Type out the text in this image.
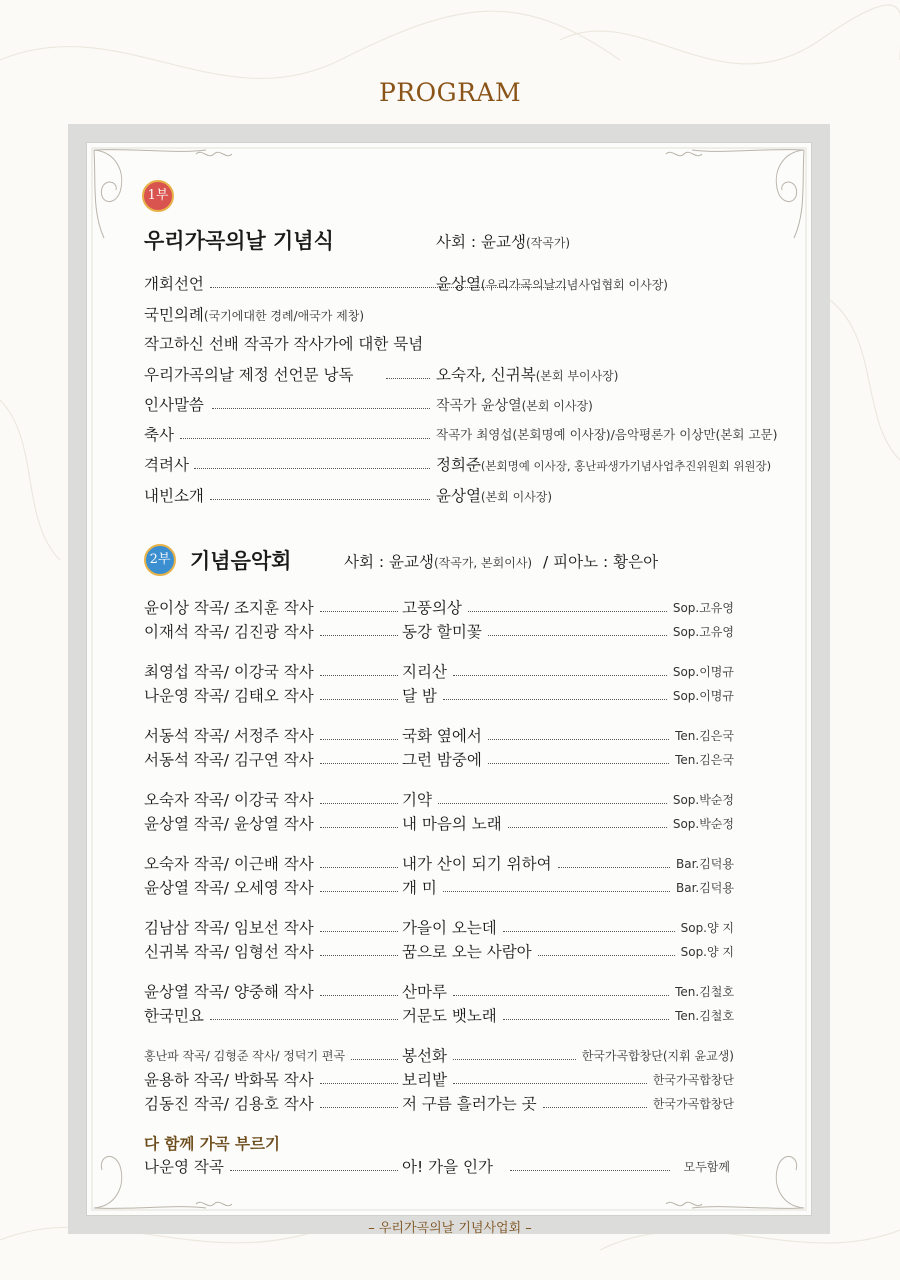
PROGRAM
1부
우리가곡의날 기념식	사회 : 윤교생(작곡가)
개회선언	윤상열(우리가곡의날기념사업협회 이사장)
국민의례(국기에대한 경례/애국가 제창)
작고하신 선배 작곡가 작사가에 대한 묵념
우리가곡의날 제정 선언문 낭독	오숙자, 신귀복(본회 부이사장)
인사말씀	작곡가 윤상열(본회 이사장)
축사	작곡가 최영섭(본회명예 이사장)/음악평론가 이상만(본회 고문)
격려사	정희준(본회명예 이사장, 홍난파생가기념사업추진위원회 위원장)
내빈소개	윤상열(본회 이사장)
2부 기념음악회	사회 : 윤교생(작곡가, 본회이사) / 피아노 : 황은아
윤이상 작곡/ 조지훈 작사	고풍의상	Sop.고유영
이재석 작곡/ 김진광 작사	동강 할미꽃	Sop.고유영
최영섭 작곡/ 이강국 작사	지리산	Sop.이명규
나운영 작곡/ 김태오 작사	달 밤	Sop.이명규
서동석 작곡/ 서정주 작사	국화 옆에서	Ten.김은국
서동석 작곡/ 김구연 작사	그런 밤중에	Ten.김은국
오숙자 작곡/ 이강국 작사	기약	Sop.박순정
윤상열 작곡/ 윤상열 작사	내 마음의 노래	Sop.박순정
오숙자 작곡/ 이근배 작사	내가 산이 되기 위하여	Bar.김덕용
윤상열 작곡/ 오세영 작사	개 미	Bar.김덕용
김남삼 작곡/ 임보선 작사	가을이 오는데	Sop.양 지
신귀복 작곡/ 임형선 작사	꿈으로 오는 사람아	Sop.양 지
윤상열 작곡/ 양중해 작사	산마루	Ten.김철호
한국민요	거문도 뱃노래	Ten.김철호
홍난파 작곡/ 김형준 작사/ 정덕기 편곡	봉선화	한국가곡합창단(지휘 윤교생)
윤용하 작곡/ 박화목 작사	보리밭	한국가곡합창단
김동진 작곡/ 김용호 작사	저 구름 흘러가는 곳	한국가곡합창단
다 함께 가곡 부르기
나운영 작곡	아! 가을 인가	모두함께
– 우리가곡의날 기념사업회 –
